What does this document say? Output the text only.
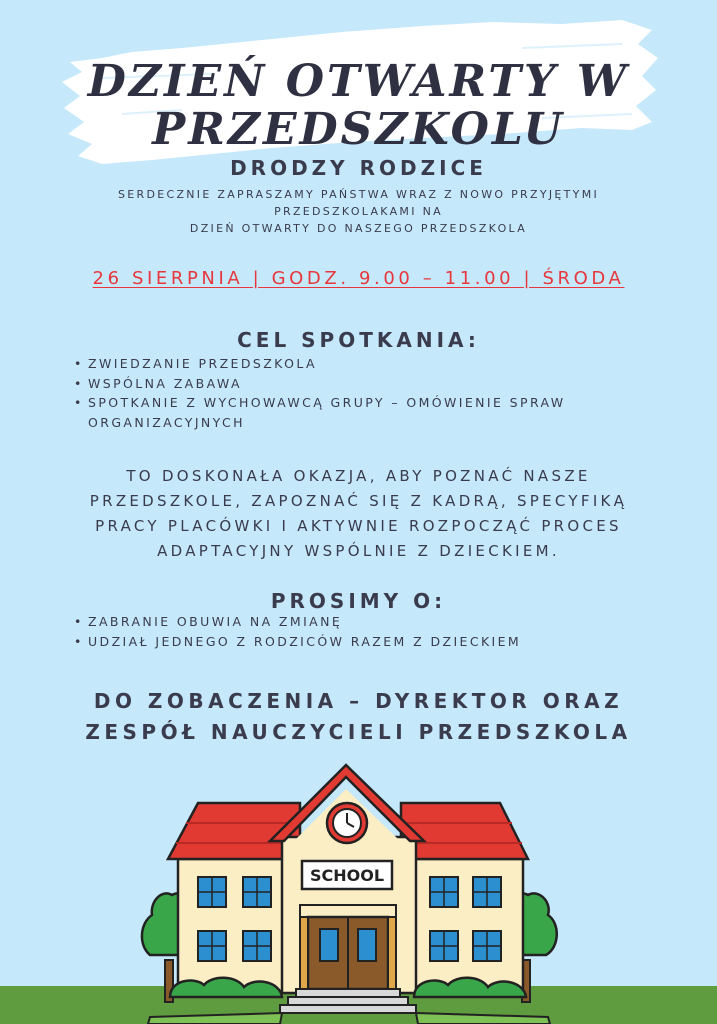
DZIEŃ OTWARTY W
PRZEDSZKOLU
DRODZY RODZICE
SERDECZNIE ZAPRASZAMY PAŃSTWA WRAZ Z NOWO PRZYJĘTYMI
PRZEDSZKOLAKAMI NA
DZIEŃ OTWARTY DO NASZEGO PRZEDSZKOLA
26 SIERPNIA | GODZ. 9.00 – 11.00 | ŚRODA
CEL SPOTKANIA:
• ZWIEDZANIE PRZEDSZKOLA
• WSPÓLNA ZABAWA
• SPOTKANIE Z WYCHOWAWCĄ GRUPY – OMÓWIENIE SPRAW ORGANIZACYJNYCH
TO DOSKONAŁA OKAZJA, ABY POZNAĆ NASZE PRZEDSZKOLE, ZAPOZNAĆ SIĘ Z KADRĄ, SPECYFIKĄ PRACY PLACÓWKI I AKTYWNIE ROZPOCZĄĆ PROCES ADAPTACYJNY WSPÓLNIE Z DZIECKIEM.
PROSIMY O:
• ZABRANIE OBUWIA NA ZMIANĘ
• UDZIAŁ JEDNEGO Z RODZICÓW RAZEM Z DZIECKIEM
DO ZOBACZENIA – DYREKTOR ORAZ
ZESPÓŁ NAUCZYCIELI PRZEDSZKOLA
SCHOOL
